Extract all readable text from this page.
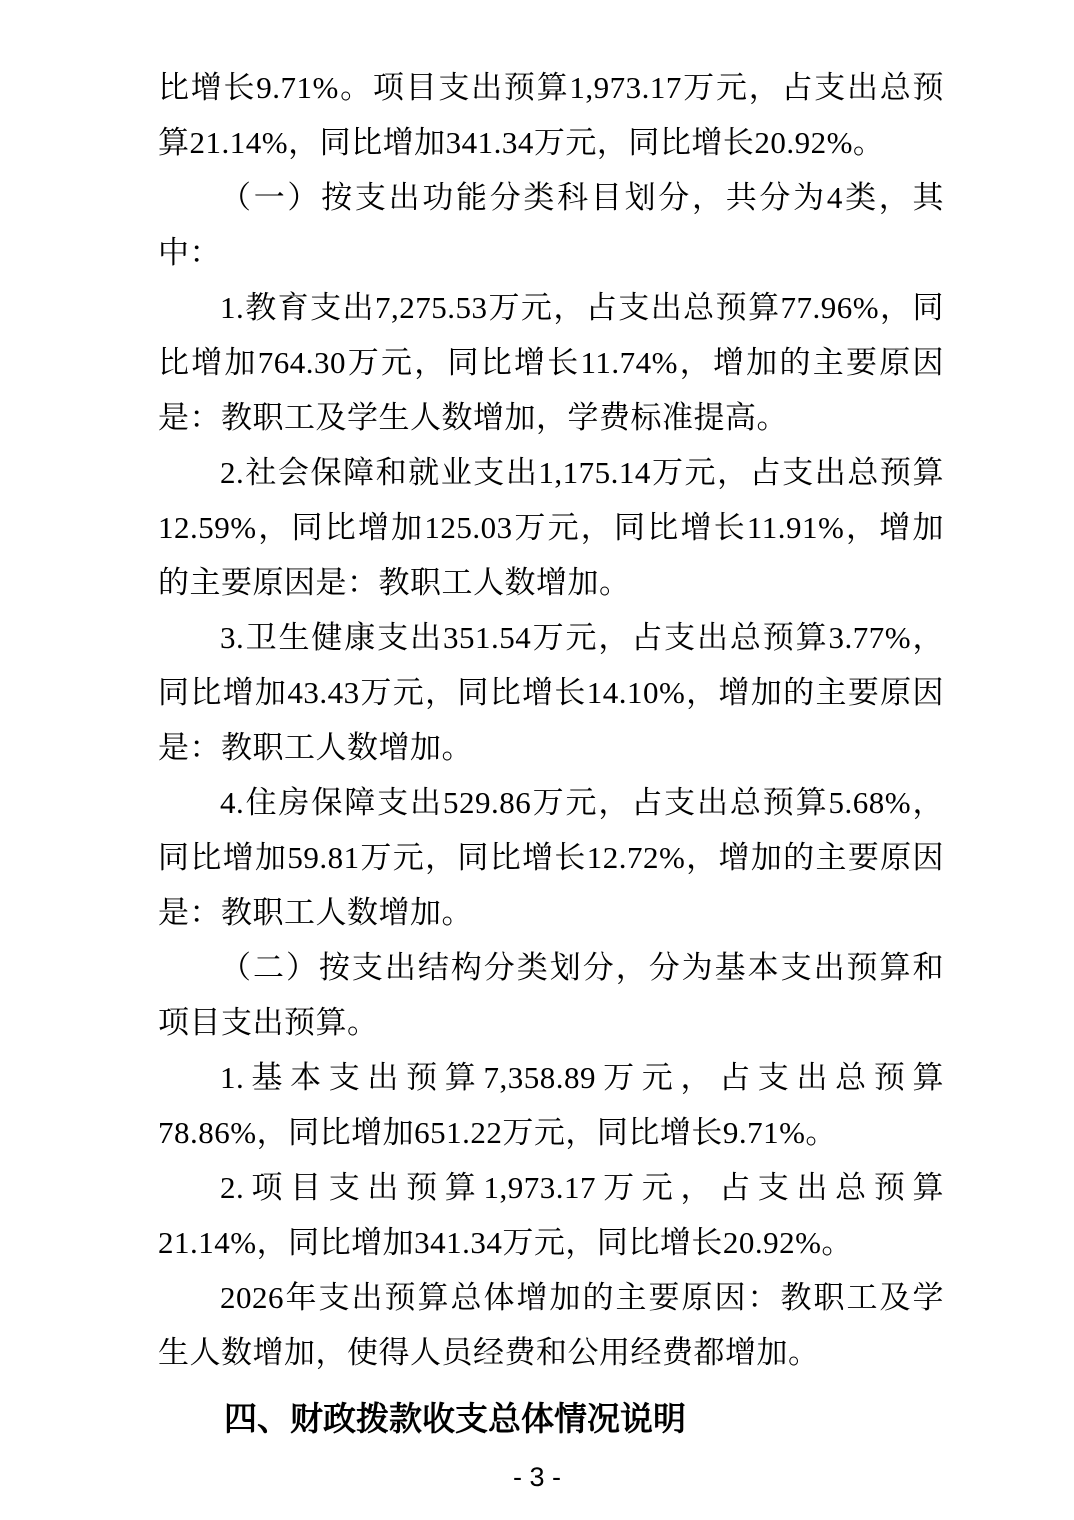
比增长9.71%。项目支出预算1,973.17万元，占支出总预算21.14%，同比增加341.34万元，同比增长20.92%。

（一）按支出功能分类科目划分，共分为4类，其中：

1.教育支出7,275.53万元，占支出总预算77.96%，同比增加764.30万元，同比增长11.74%，增加的主要原因是：教职工及学生人数增加，学费标准提高。

2.社会保障和就业支出1,175.14万元，占支出总预算12.59%，同比增加125.03万元，同比增长11.91%，增加的主要原因是：教职工人数增加。

3.卫生健康支出351.54万元，占支出总预算3.77%，同比增加43.43万元，同比增长14.10%，增加的主要原因是：教职工人数增加。

4.住房保障支出529.86万元，占支出总预算5.68%，同比增加59.81万元，同比增长12.72%，增加的主要原因是：教职工人数增加。

（二）按支出结构分类划分，分为基本支出预算和项目支出预算。

1.基本支出预算7,358.89万元，占支出总预算78.86%，同比增加651.22万元，同比增长9.71%。

2.项目支出预算1,973.17万元，占支出总预算21.14%，同比增加341.34万元，同比增长20.92%。

2026年支出预算总体增加的主要原因：教职工及学生人数增加，使得人员经费和公用经费都增加。

四、财政拨款收支总体情况说明
- 3 -
